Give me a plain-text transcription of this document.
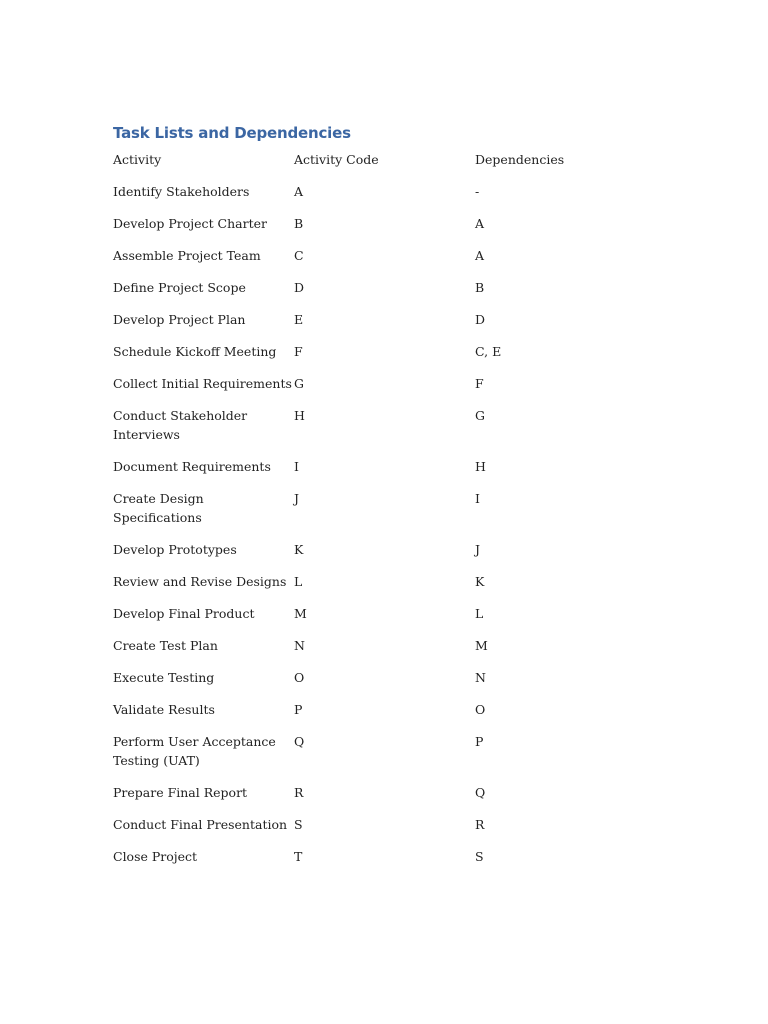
Task Lists and Dependencies
Activity	Activity Code	Dependencies
Identify Stakeholders	A	-
Develop Project Charter	B	A
Assemble Project Team	C	A
Define Project Scope	D	B
Develop Project Plan	E	D
Schedule Kickoff Meeting	F	C, E
Collect Initial Requirements	G	F
Conduct Stakeholder Interviews	H	G
Document Requirements	I	H
Create Design Specifications	J	I
Develop Prototypes	K	J
Review and Revise Designs	L	K
Develop Final Product	M	L
Create Test Plan	N	M
Execute Testing	O	N
Validate Results	P	O
Perform User Acceptance Testing (UAT)	Q	P
Prepare Final Report	R	Q
Conduct Final Presentation	S	R
Close Project	T	S
